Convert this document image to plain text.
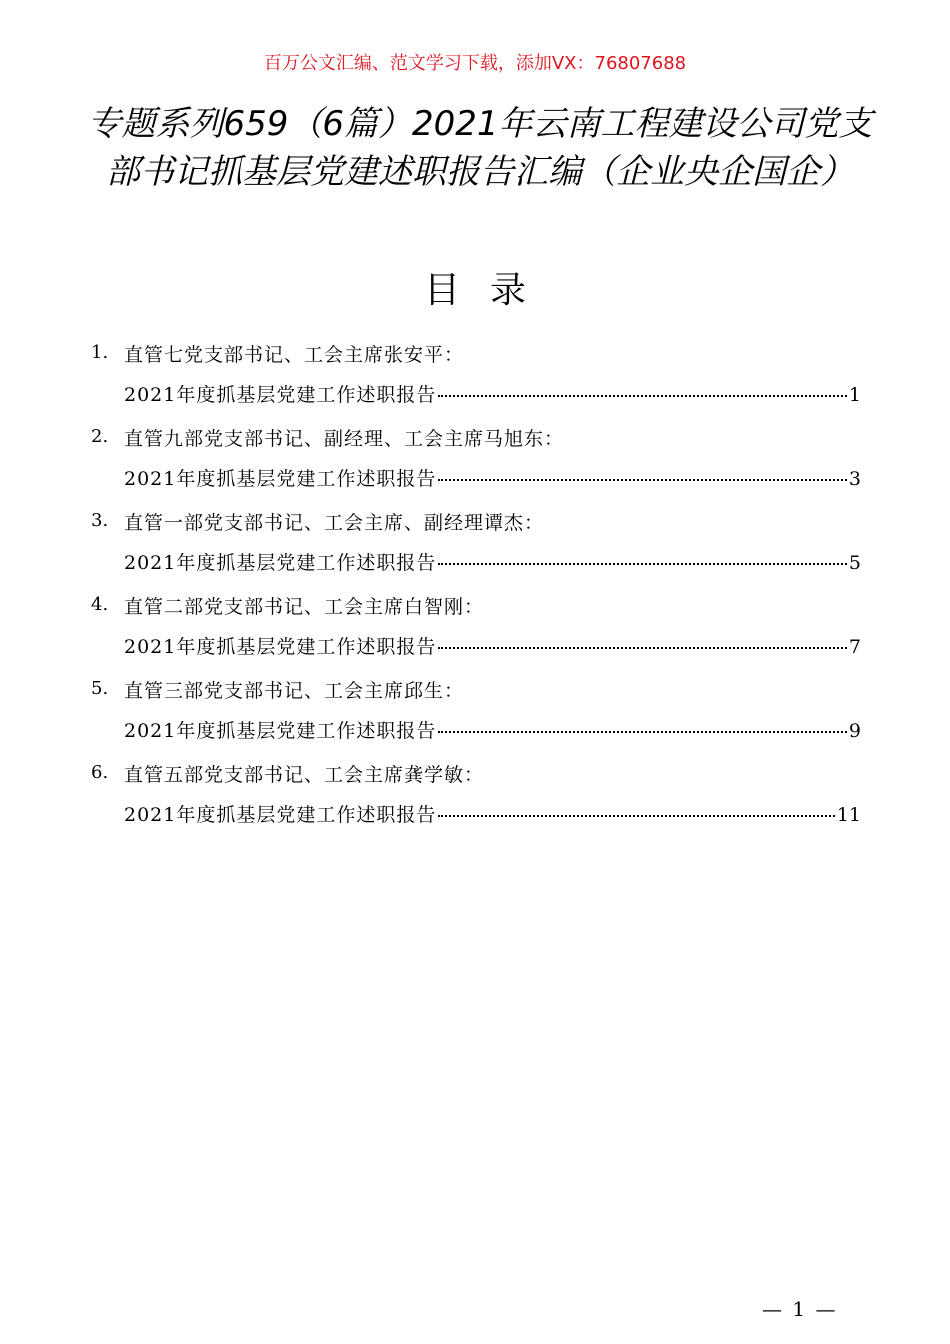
百万公文汇编、范文学习下载，添加VX：76807688
专题系列659（6篇）2021年云南工程建设公司党支部书记抓基层党建述职报告汇编（企业央企国企）
目录
1. 直管七党支部书记、工会主席张安平：
2021年度抓基层党建工作述职报告	1
2. 直管九部党支部书记、副经理、工会主席马旭东：
2021年度抓基层党建工作述职报告	3
3. 直管一部党支部书记、工会主席、副经理谭杰：
2021年度抓基层党建工作述职报告	5
4. 直管二部党支部书记、工会主席白智刚：
2021年度抓基层党建工作述职报告	7
5. 直管三部党支部书记、工会主席邱生：
2021年度抓基层党建工作述职报告	9
6. 直管五部党支部书记、工会主席龚学敏：
2021年度抓基层党建工作述职报告	11
— 1 —
